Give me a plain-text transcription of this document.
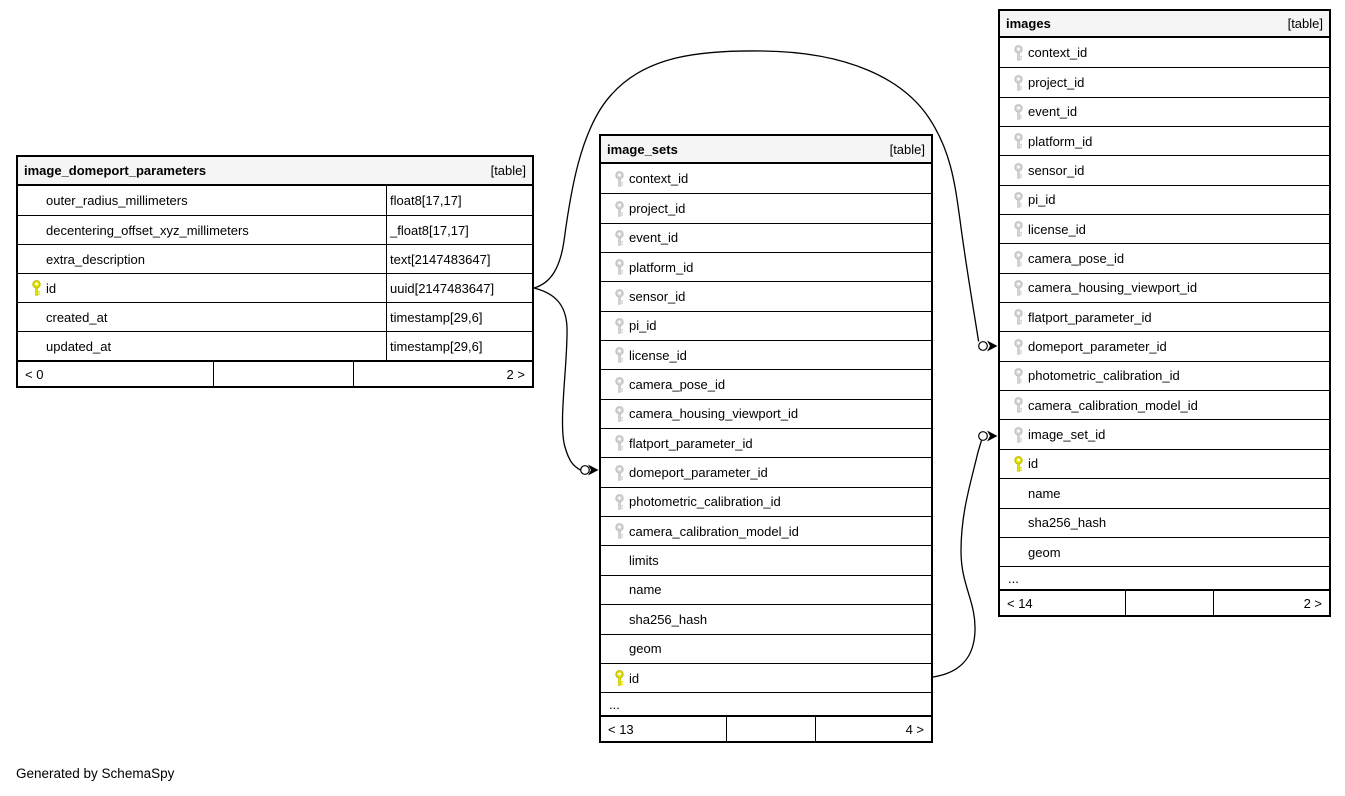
image_domeport_parameters	[table]
outer_radius_millimeters	float8[17,17]
decentering_offset_xyz_millimeters	_float8[17,17]
extra_description	text[2147483647]
id	uuid[2147483647]
created_at	timestamp[29,6]
updated_at	timestamp[29,6]
< 0	2 >
image_sets	[table]
context_id
project_id
event_id
platform_id
sensor_id
pi_id
license_id
camera_pose_id
camera_housing_viewport_id
flatport_parameter_id
domeport_parameter_id
photometric_calibration_id
camera_calibration_model_id
limits
name
sha256_hash
geom
id
...
< 13	4 >
images	[table]
context_id
project_id
event_id
platform_id
sensor_id
pi_id
license_id
camera_pose_id
camera_housing_viewport_id
flatport_parameter_id
domeport_parameter_id
photometric_calibration_id
camera_calibration_model_id
image_set_id
id
name
sha256_hash
geom
...
< 14	2 >
Generated by SchemaSpy
